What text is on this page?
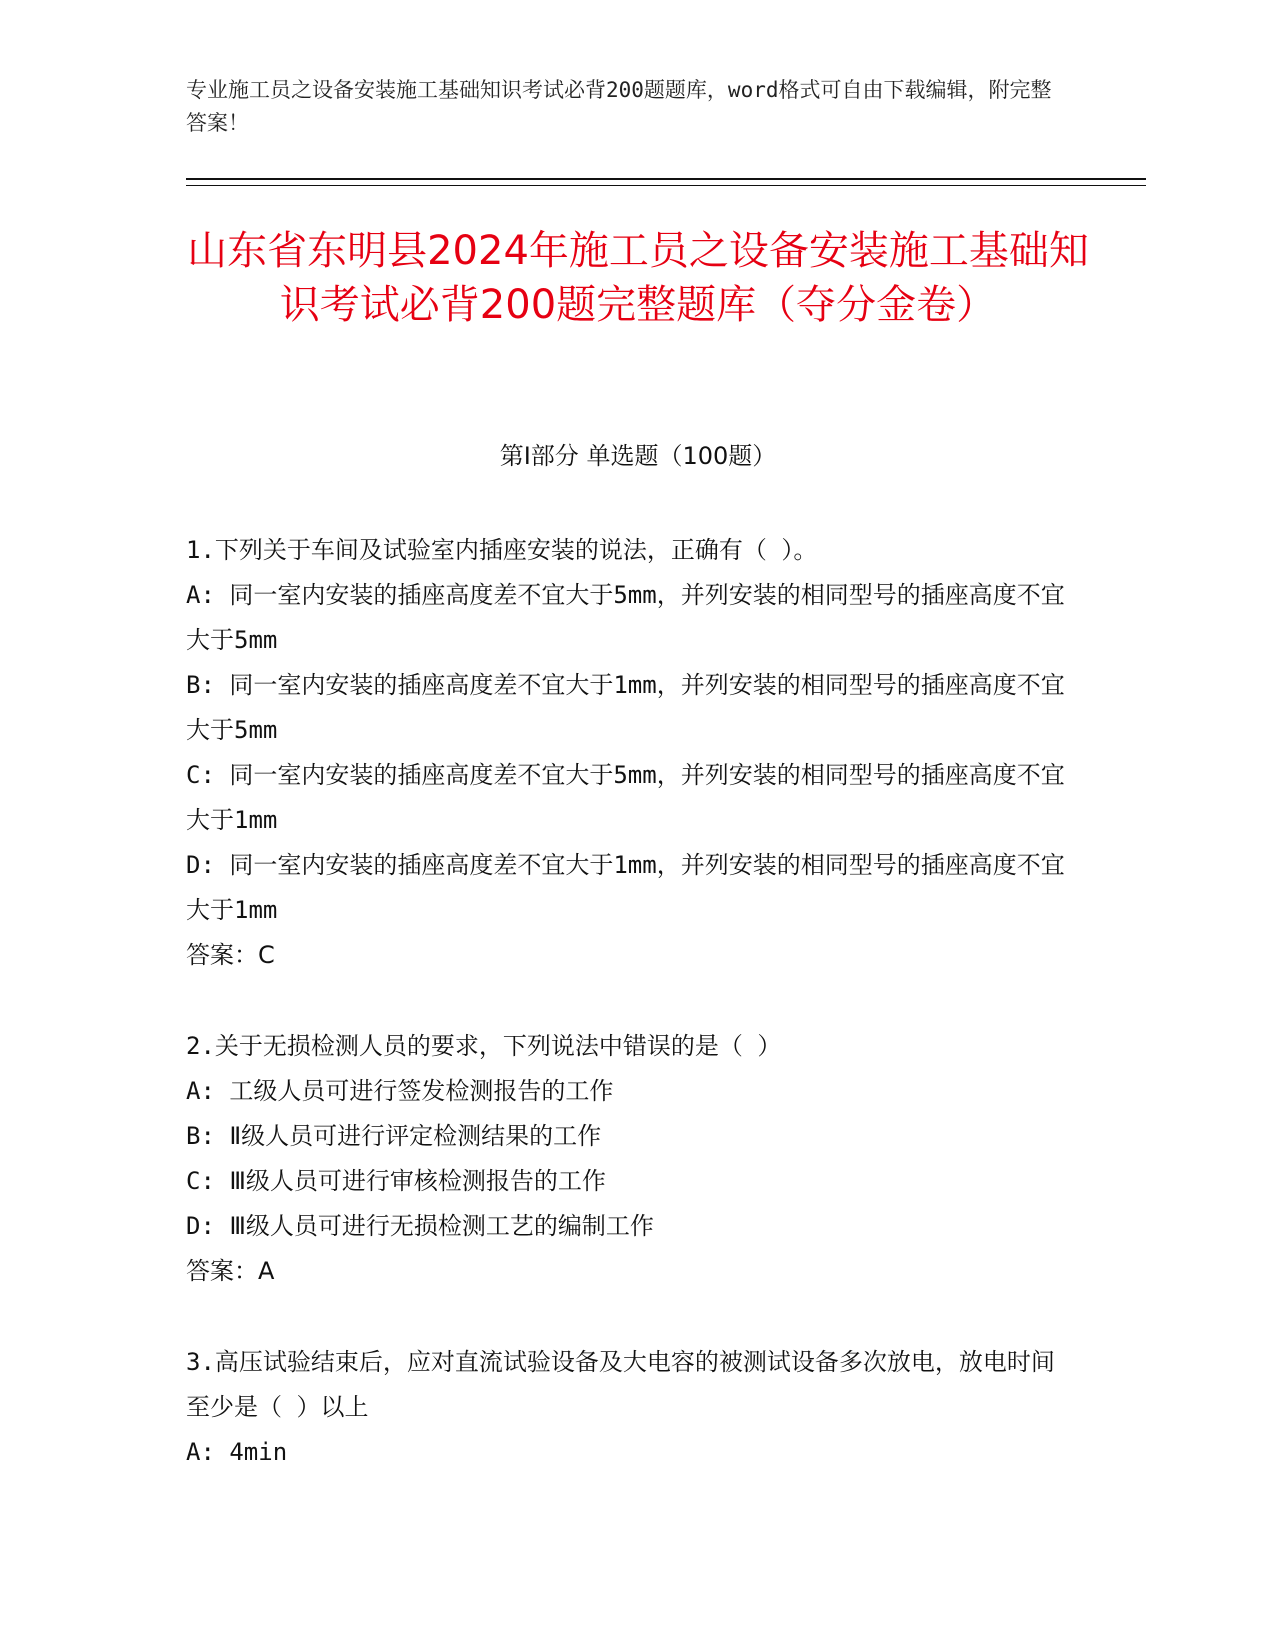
专业施工员之设备安装施工基础知识考试必背200题题库，word格式可自由下载编辑，附完整答案！
山东省东明县2024年施工员之设备安装施工基础知识考试必背200题完整题库（夺分金卷）
第Ⅰ部分 单选题（100题）

1.下列关于车间及试验室内插座安装的说法，正确有（ ）。

A: 同一室内安装的插座高度差不宜大于5mm，并列安装的相同型号的插座高度不宜大于5mm

B: 同一室内安装的插座高度差不宜大于1mm，并列安装的相同型号的插座高度不宜大于5mm

C: 同一室内安装的插座高度差不宜大于5mm，并列安装的相同型号的插座高度不宜大于1mm

D: 同一室内安装的插座高度差不宜大于1mm，并列安装的相同型号的插座高度不宜大于1mm

答案：C

2.关于无损检测人员的要求，下列说法中错误的是（ ）

A: 工级人员可进行签发检测报告的工作

B: Ⅱ级人员可进行评定检测结果的工作

C: Ⅲ级人员可进行审核检测报告的工作

D: Ⅲ级人员可进行无损检测工艺的编制工作

答案：A

3.高压试验结束后，应对直流试验设备及大电容的被测试设备多次放电，放电时间至少是（ ）以上

A: 4min
